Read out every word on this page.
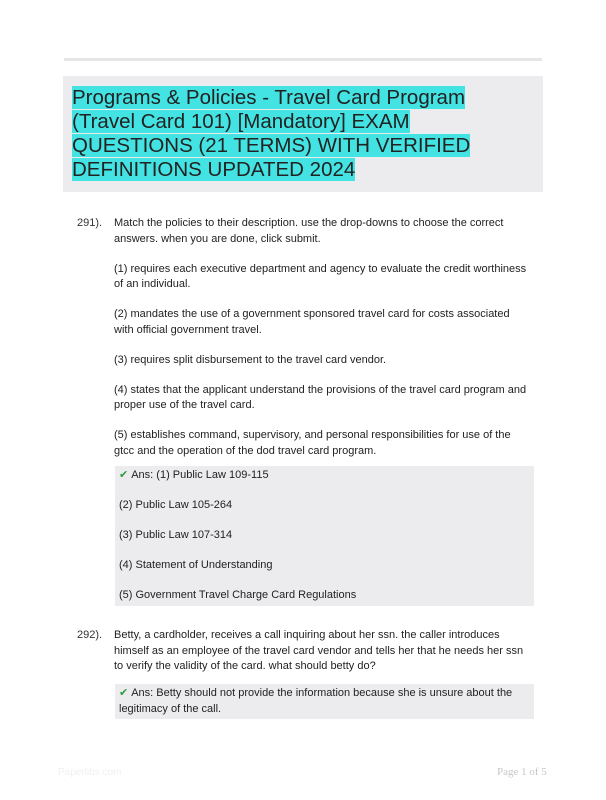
Programs & Policies - Travel Card Program (Travel Card 101) [Mandatory] EXAM QUESTIONS (21 TERMS) WITH VERIFIED DEFINITIONS UPDATED 2024
291). Match the policies to their description. use the drop-downs to choose the correct answers. when you are done, click submit.

(1) requires each executive department and agency to evaluate the credit worthiness of an individual.

(2) mandates the use of a government sponsored travel card for costs associated with official government travel.

(3) requires split disbursement to the travel card vendor.

(4) states that the applicant understand the provisions of the travel card program and proper use of the travel card.

(5) establishes command, supervisory, and personal responsibilities for use of the gtcc and the operation of the dod travel card program.

✔ Ans: (1) Public Law 109-115

(2) Public Law 105-264

(3) Public Law 107-314

(4) Statement of Understanding

(5) Government Travel Charge Card Regulations

292). Betty, a cardholder, receives a call inquiring about her ssn. the caller introduces himself as an employee of the travel card vendor and tells her that he needs her ssn to verify the validity of the card. what should betty do?

✔ Ans: Betty should not provide the information because she is unsure about the legitimacy of the call.

Paperlibs.com	Page 1 of 5
